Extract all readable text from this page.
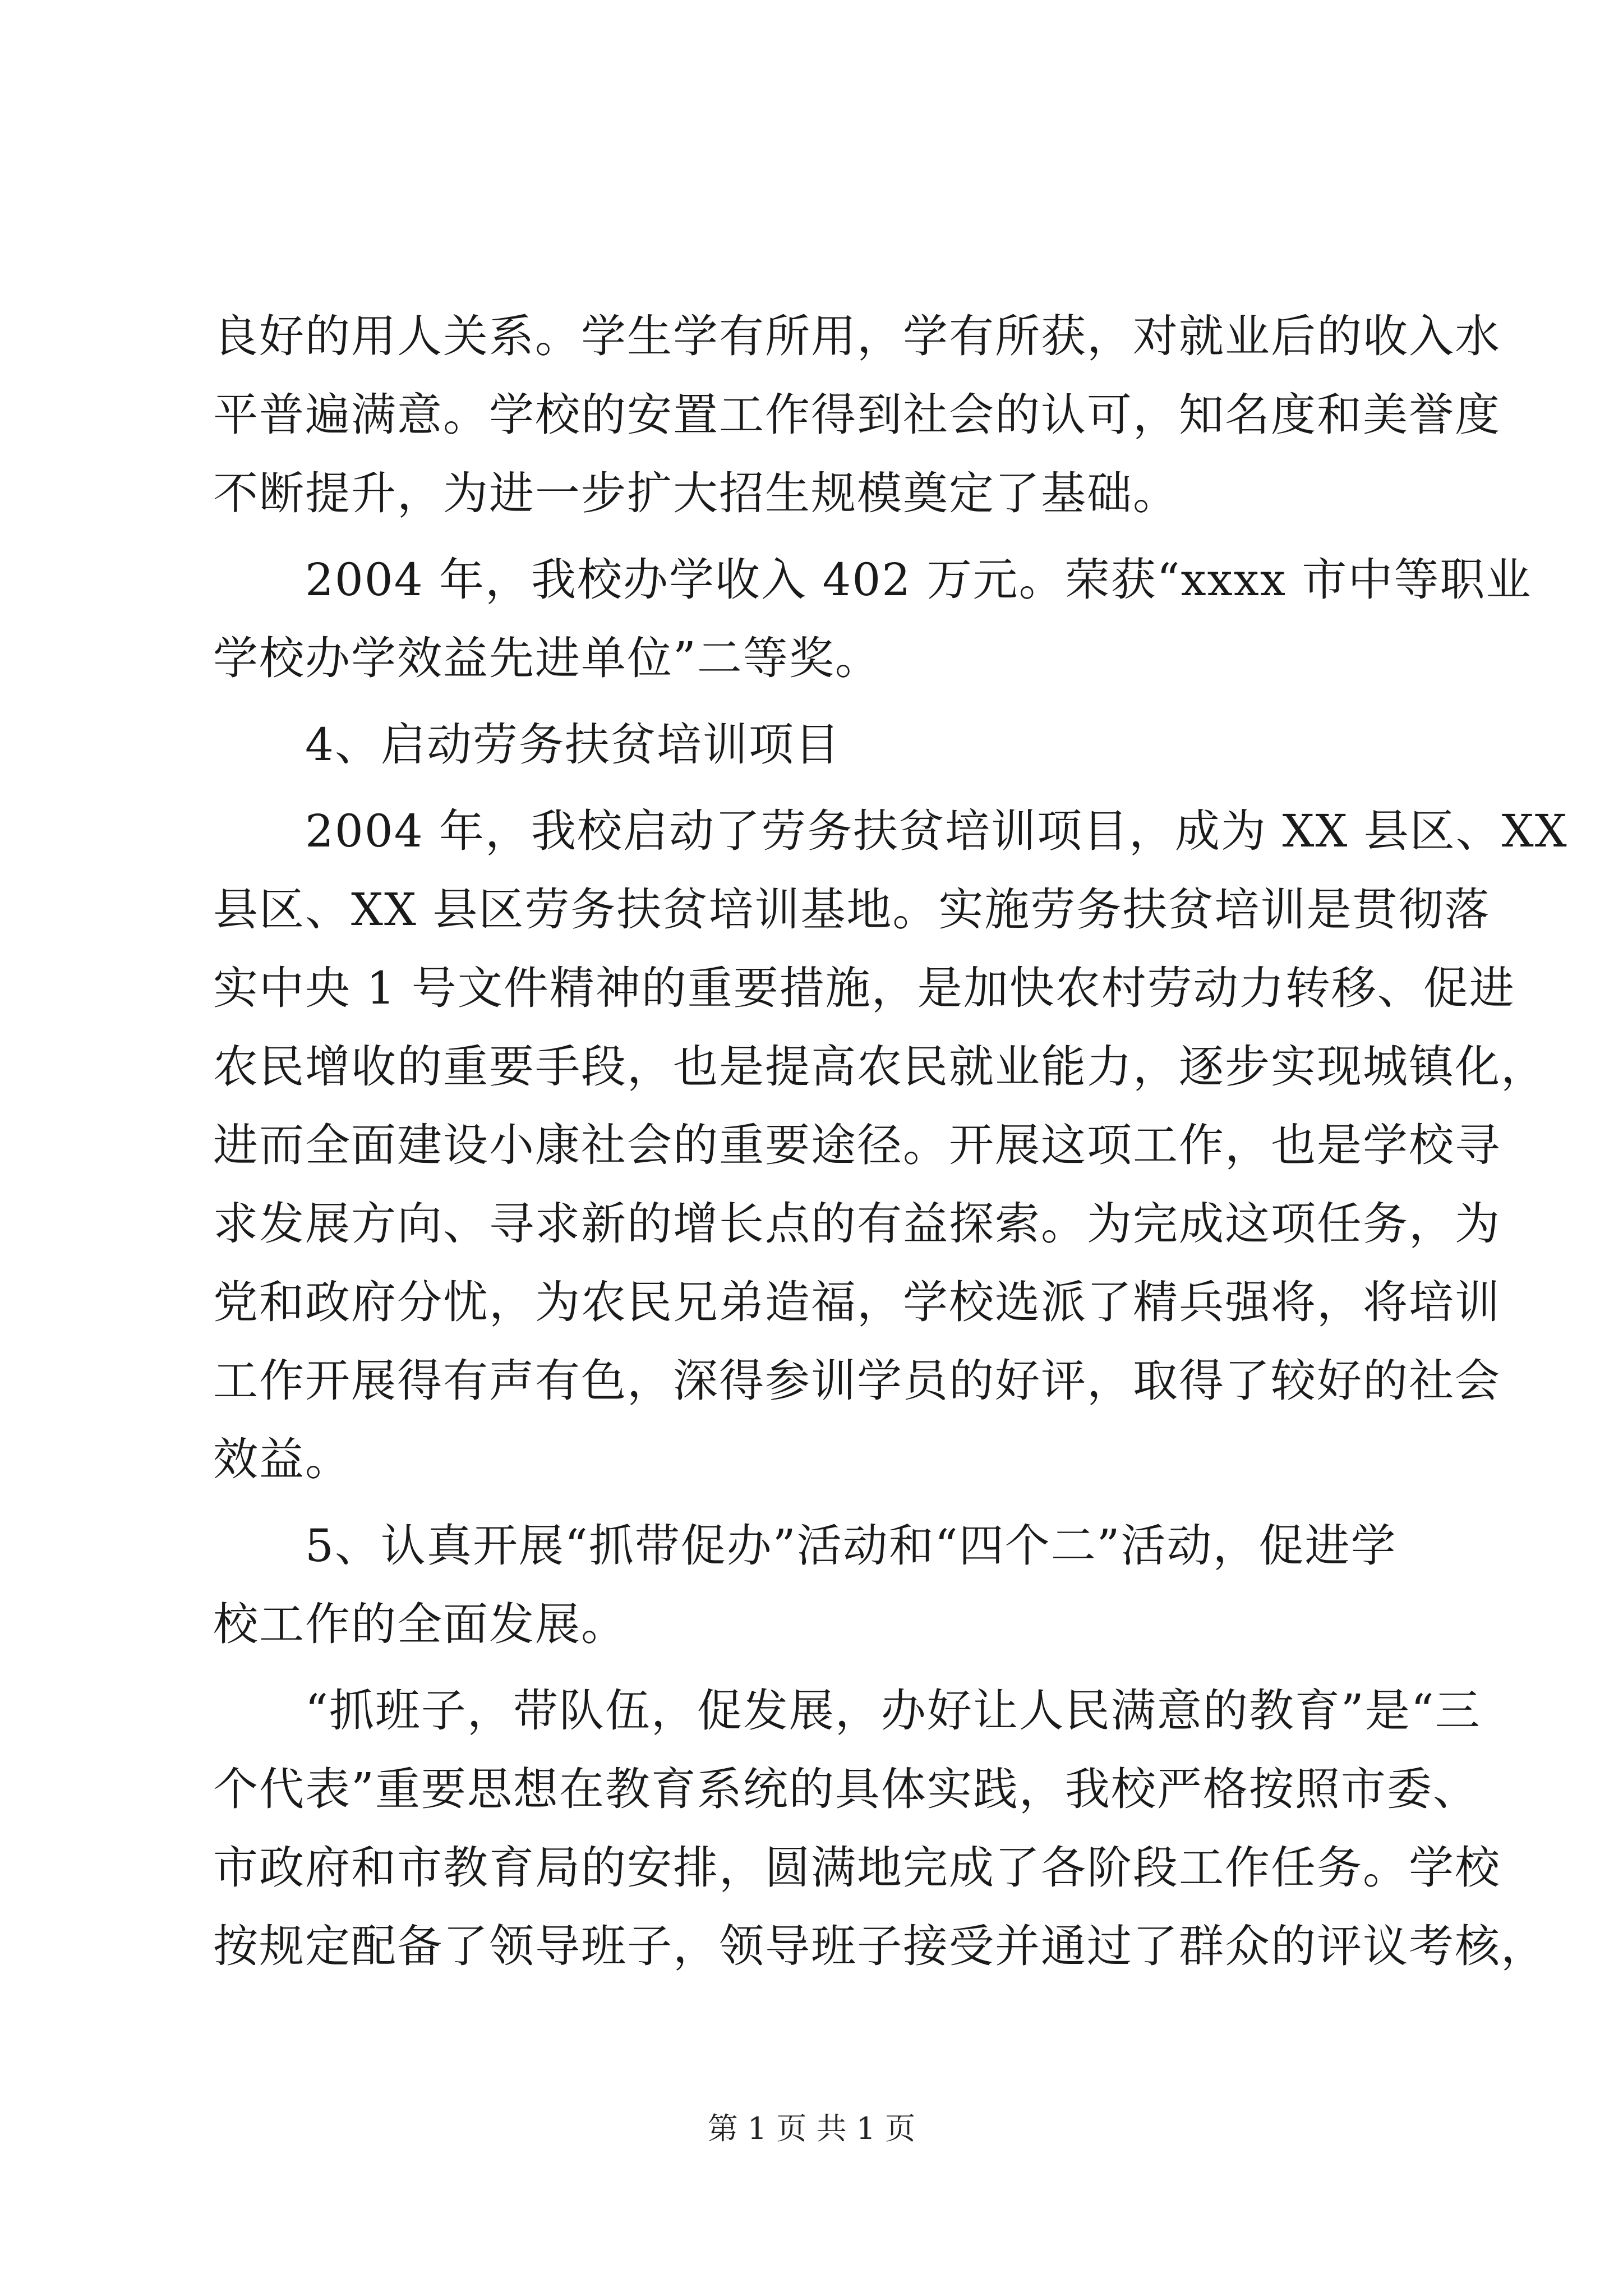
良好的用人关系。学生学有所用，学有所获，对就业后的收入水
平普遍满意。学校的安置工作得到社会的认可，知名度和美誉度
不断提升，为进一步扩大招生规模奠定了基础。
　　2004 年，我校办学收入 402 万元。荣获“xxxx 市中等职业
学校办学效益先进单位”二等奖。
　　4、启动劳务扶贫培训项目
　　2004 年，我校启动了劳务扶贫培训项目，成为 XX 县区、XX
县区、XX 县区劳务扶贫培训基地。实施劳务扶贫培训是贯彻落
实中央 1 号文件精神的重要措施，是加快农村劳动力转移、促进
农民增收的重要手段，也是提高农民就业能力，逐步实现城镇化，
进而全面建设小康社会的重要途径。开展这项工作，也是学校寻
求发展方向、寻求新的增长点的有益探索。为完成这项任务，为
党和政府分忧，为农民兄弟造福，学校选派了精兵强将，将培训
工作开展得有声有色，深得参训学员的好评，取得了较好的社会
效益。
　　5、认真开展“抓带促办”活动和“四个二”活动，促进学
校工作的全面发展。
　　“抓班子，带队伍，促发展，办好让人民满意的教育”是“三
个代表”重要思想在教育系统的具体实践，我校严格按照市委、
市政府和市教育局的安排，圆满地完成了各阶段工作任务。学校
按规定配备了领导班子，领导班子接受并通过了群众的评议考核，
第 1 页 共 1 页
